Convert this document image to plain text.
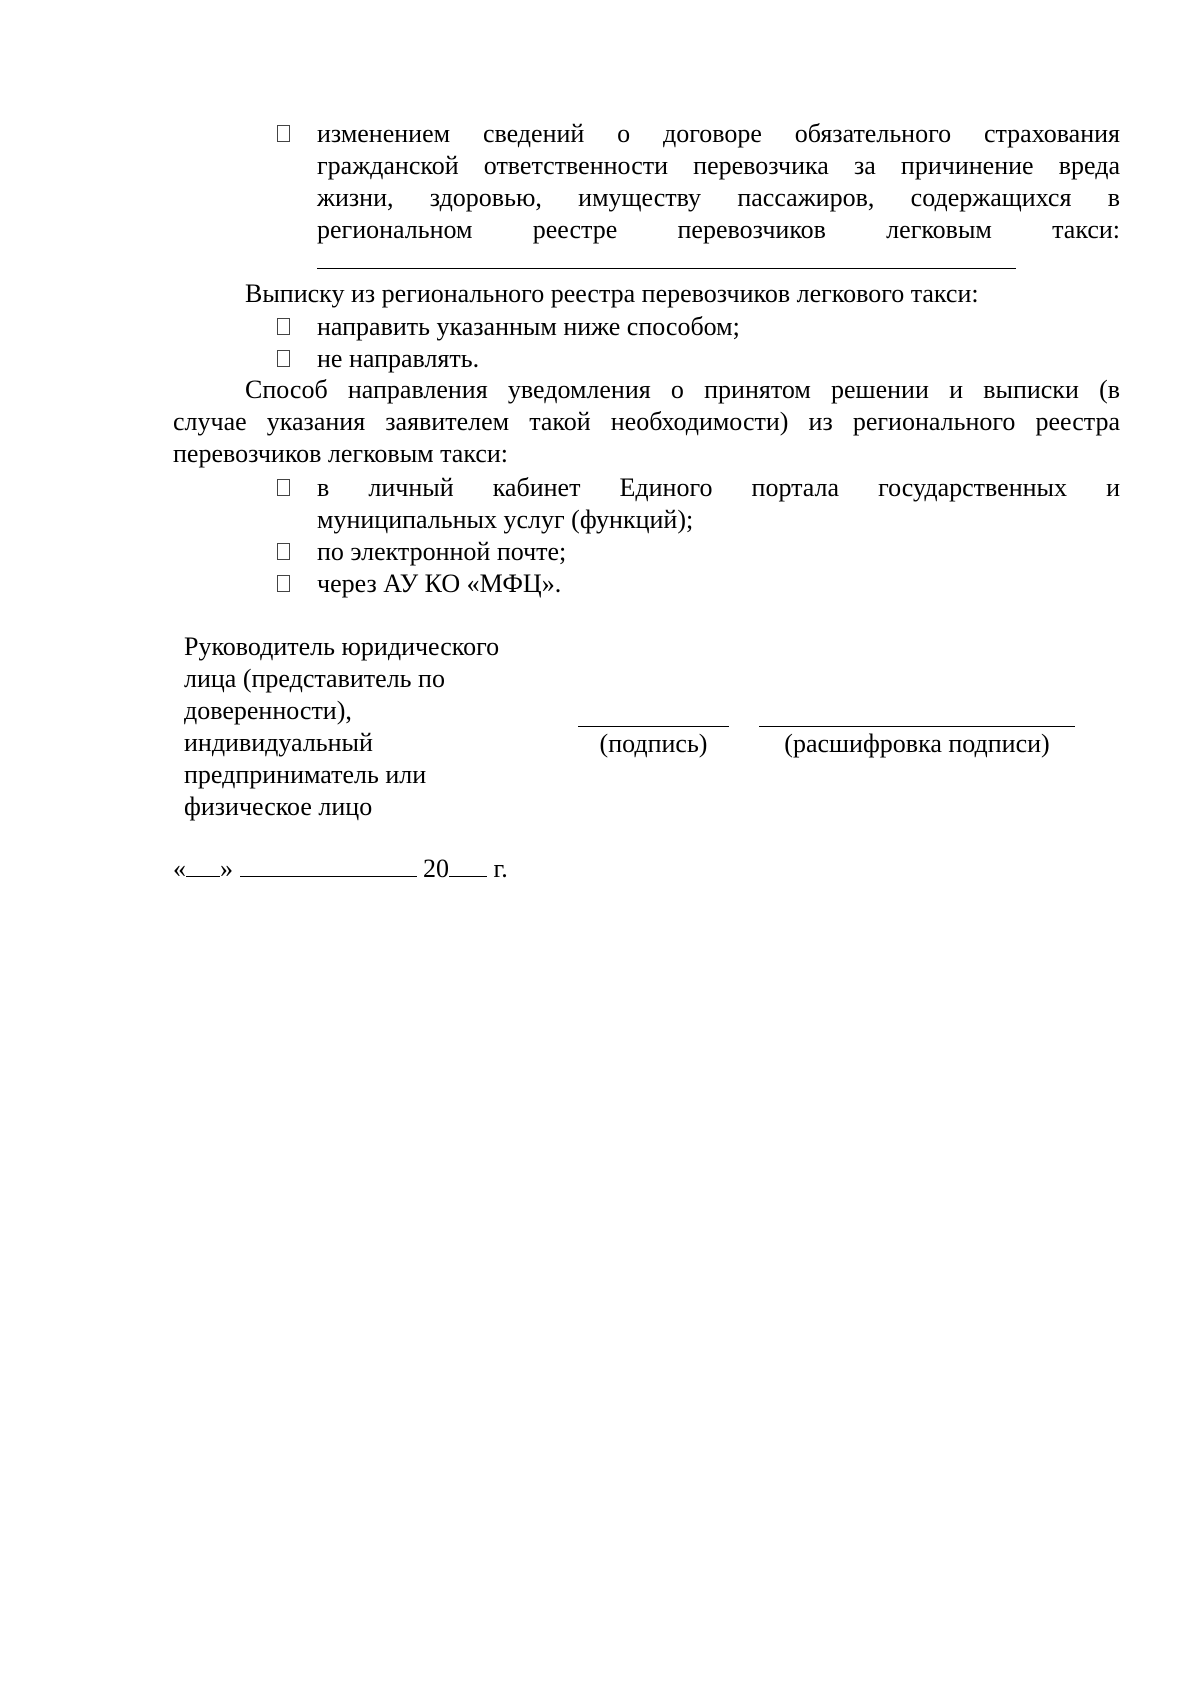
изменением сведений о договоре обязательного страхования
гражданской ответственности перевозчика за причинение вреда
жизни, здоровью, имуществу пассажиров, содержащихся в
региональном реестре перевозчиков легковым такси:
Выписку из регионального реестра перевозчиков легкового такси:
направить указанным ниже способом;
не направлять.
Способ направления уведомления о принятом решении и выписки (в
случае указания заявителем такой необходимости) из регионального реестра
перевозчиков легковым такси:
в личный кабинет Единого портала государственных и
муниципальных услуг (функций);
по электронной почте;
через АУ КО «МФЦ».
Руководитель юридического
лица (представитель по
доверенности),
индивидуальный
предприниматель или
физическое лицо
(подпись)	(расшифровка подписи)
« »	20 г.
